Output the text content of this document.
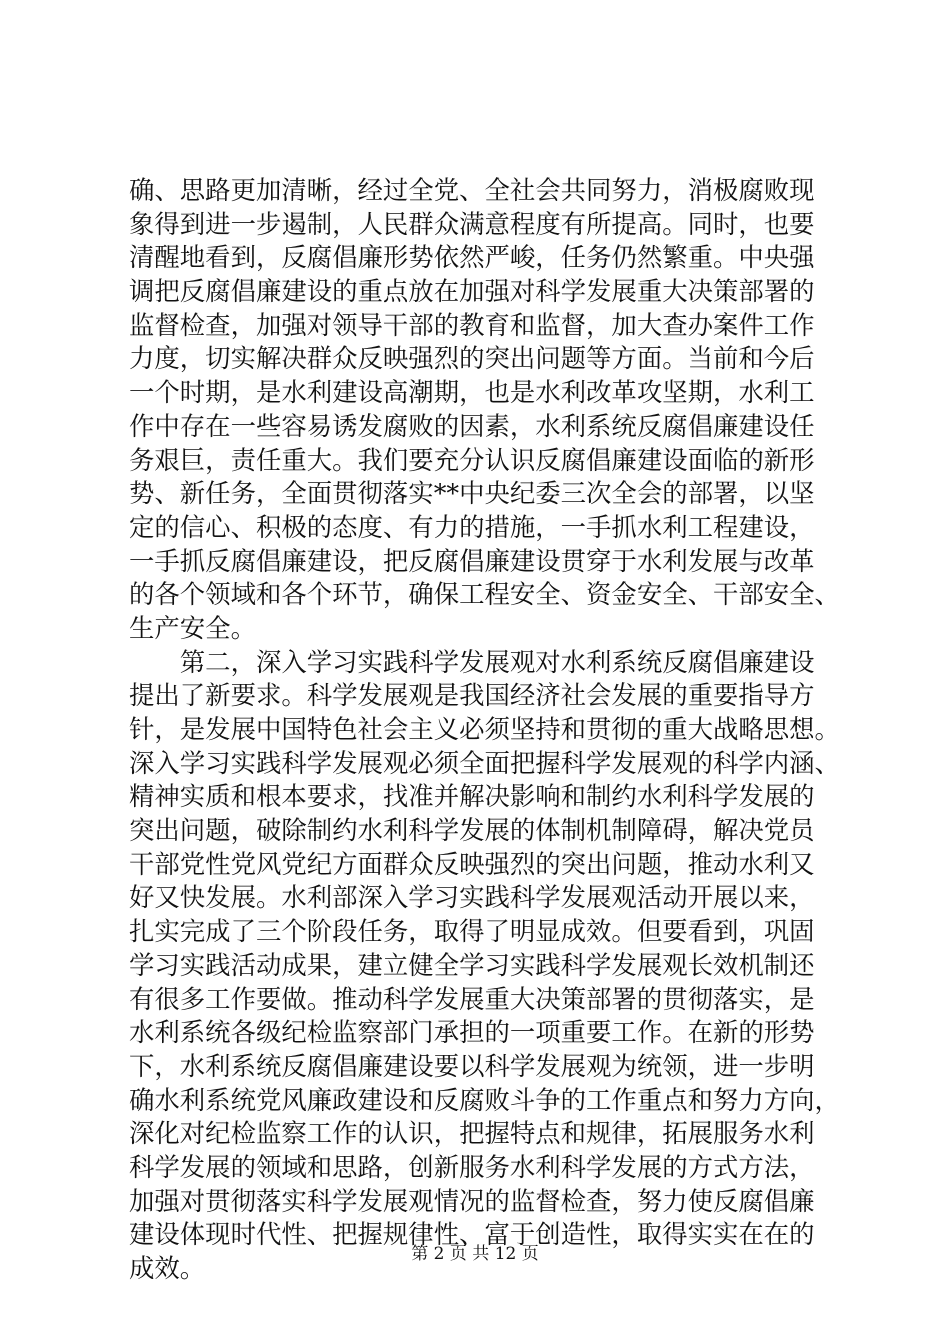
确、思路更加清晰，经过全党、全社会共同努力，消极腐败现
象得到进一步遏制，人民群众满意程度有所提高。同时，也要
清醒地看到，反腐倡廉形势依然严峻，任务仍然繁重。中央强
调把反腐倡廉建设的重点放在加强对科学发展重大决策部署的
监督检查，加强对领导干部的教育和监督，加大查办案件工作
力度，切实解决群众反映强烈的突出问题等方面。当前和今后
一个时期，是水利建设高潮期，也是水利改革攻坚期，水利工
作中存在一些容易诱发腐败的因素，水利系统反腐倡廉建设任
务艰巨，责任重大。我们要充分认识反腐倡廉建设面临的新形
势、新任务，全面贯彻落实**中央纪委三次全会的部署，以坚
定的信心、积极的态度、有力的措施，一手抓水利工程建设，
一手抓反腐倡廉建设，把反腐倡廉建设贯穿于水利发展与改革
的各个领域和各个环节，确保工程安全、资金安全、干部安全、
生产安全。
　　第二，深入学习实践科学发展观对水利系统反腐倡廉建设
提出了新要求。科学发展观是我国经济社会发展的重要指导方
针，是发展中国特色社会主义必须坚持和贯彻的重大战略思想。
深入学习实践科学发展观必须全面把握科学发展观的科学内涵、
精神实质和根本要求，找准并解决影响和制约水利科学发展的
突出问题，破除制约水利科学发展的体制机制障碍，解决党员
干部党性党风党纪方面群众反映强烈的突出问题，推动水利又
好又快发展。水利部深入学习实践科学发展观活动开展以来，
扎实完成了三个阶段任务，取得了明显成效。但要看到，巩固
学习实践活动成果，建立健全学习实践科学发展观长效机制还
有很多工作要做。推动科学发展重大决策部署的贯彻落实，是
水利系统各级纪检监察部门承担的一项重要工作。在新的形势
下，水利系统反腐倡廉建设要以科学发展观为统领，进一步明
确水利系统党风廉政建设和反腐败斗争的工作重点和努力方向，
深化对纪检监察工作的认识，把握特点和规律，拓展服务水利
科学发展的领域和思路，创新服务水利科学发展的方式方法，
加强对贯彻落实科学发展观情况的监督检查，努力使反腐倡廉
建设体现时代性、把握规律性、富于创造性，取得实实在在的
成效。	第 2 页 共 12 页
